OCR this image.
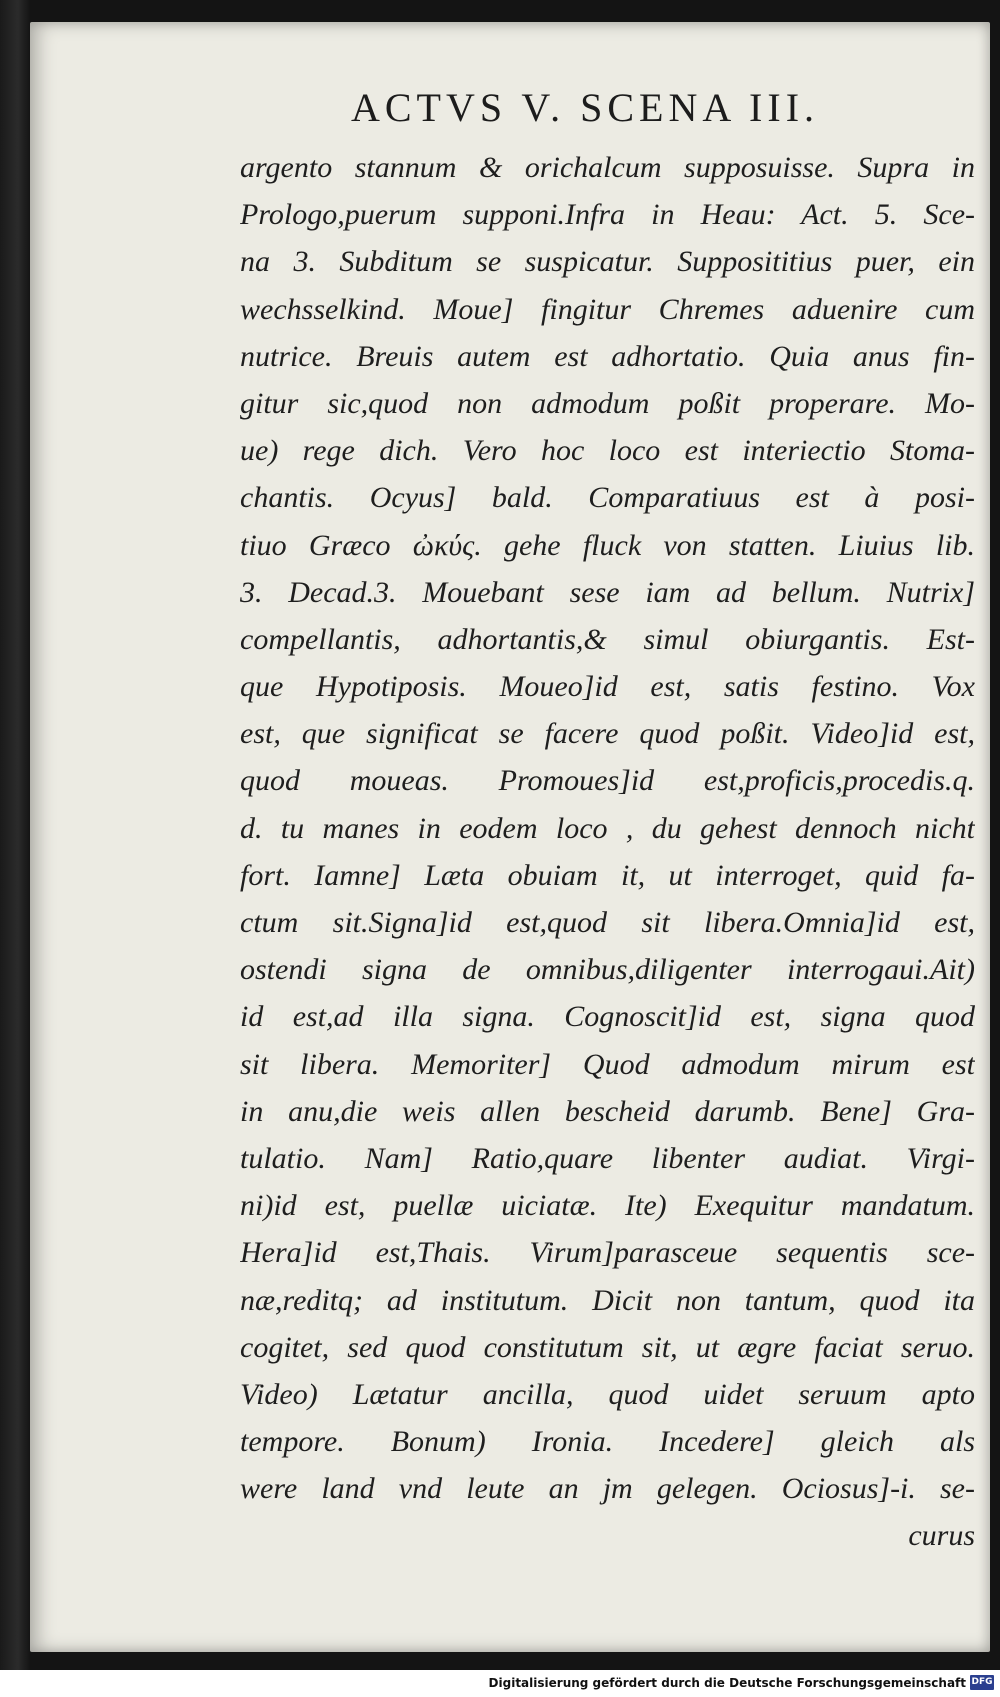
ACTVS V. SCENA III.
argento stannum & orichalcum supposuisse. Supra in
Prologo,puerum supponi.Infra in Heau: Act. 5. Sce-
na 3. Subditum se suspicatur. Supposititius puer, ein
wechsselkind. Moue] fingitur Chremes aduenire cum
nutrice. Breuis autem est adhortatio. Quia anus fin-
gitur sic,quod non admodum poßit properare. Mo-
ue) rege dich. Vero hoc loco est interiectio Stoma-
chantis. Ocyus] bald. Comparatiuus est à posi-
tiuo Græco ὠκύς. gehe fluck von statten. Liuius lib.
3. Decad.3. Mouebant sese iam ad bellum. Nutrix]
compellantis, adhortantis,& simul obiurgantis. Est-
que Hypotiposis. Moueo]id est, satis festino. Vox
est, que significat se facere quod poßit. Video]id est,
quod moueas. Promoues]id est,proficis,procedis.q.
d. tu manes in eodem loco , du gehest dennoch nicht
fort. Iamne] Læta obuiam it, ut interroget, quid fa-
ctum sit.Signa]id est,quod sit libera.Omnia]id est,
ostendi signa de omnibus,diligenter interrogaui.Ait)
id est,ad illa signa. Cognoscit]id est, signa quod
sit libera. Memoriter] Quod admodum mirum est
in anu,die weis allen bescheid darumb. Bene] Gra-
tulatio. Nam] Ratio,quare libenter audiat. Virgi-
ni)id est, puellæ uiciatæ. Ite) Exequitur mandatum.
Hera]id est,Thais. Virum]parasceue sequentis sce-
næ,reditq; ad institutum. Dicit non tantum, quod ita
cogitet, sed quod constitutum sit, ut ægre faciat seruo.
Video) Lætatur ancilla, quod uidet seruum apto
tempore. Bonum) Ironia. Incedere] gleich als
were land vnd leute an jm gelegen. Ociosus]-i. se-
curus
Digitalisierung gefördert durch die Deutsche Forschungsgemeinschaft DFG
